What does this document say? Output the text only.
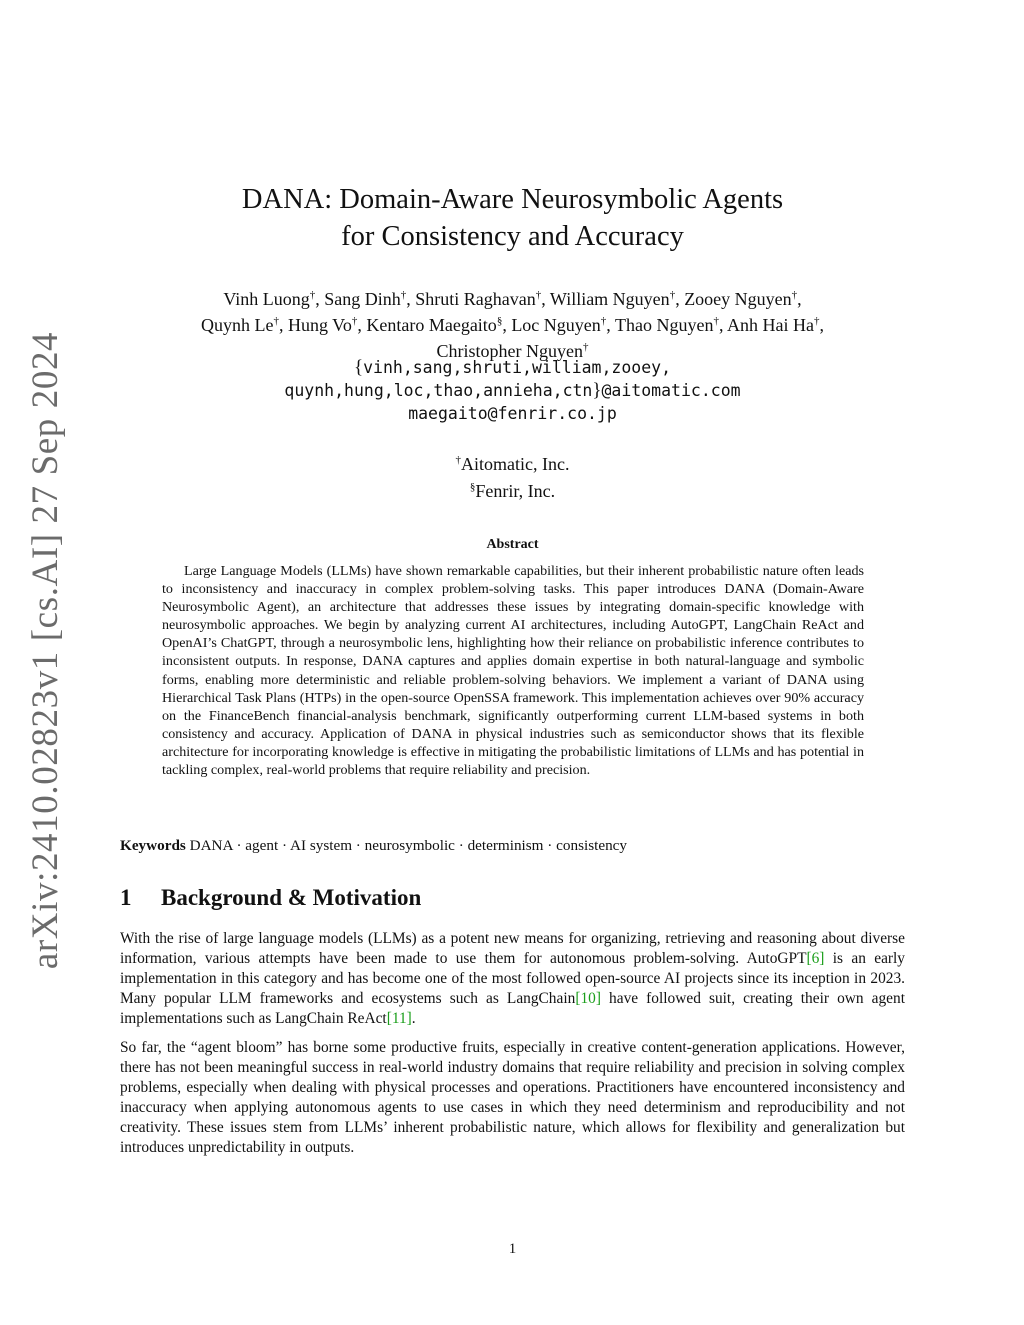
arXiv:2410.02823v1 [cs.AI] 27 Sep 2024
DANA: Domain-Aware Neurosymbolic Agents
for Consistency and Accuracy
Vinh Luong†, Sang Dinh†, Shruti Raghavan†, William Nguyen†, Zooey Nguyen†,
Quynh Le†, Hung Vo†, Kentaro Maegaito§, Loc Nguyen†, Thao Nguyen†, Anh Hai Ha†,
Christopher Nguyen†
{vinh,sang,shruti,william,zooey,
quynh,hung,loc,thao,annieha,ctn}@aitomatic.com
maegaito@fenrir.co.jp
†Aitomatic, Inc.
§Fenrir, Inc.
Abstract

Large Language Models (LLMs) have shown remarkable capabilities, but their inherent probabilistic nature often leads to inconsistency and inaccuracy in complex problem-solving tasks. This paper introduces DANA (Domain-Aware Neurosymbolic Agent), an architecture that addresses these issues by integrating domain-specific knowledge with neurosymbolic approaches. We begin by analyzing current AI architectures, including AutoGPT, LangChain ReAct and OpenAI’s ChatGPT, through a neurosymbolic lens, highlighting how their reliance on probabilistic inference contributes to inconsistent outputs. In response, DANA captures and applies domain expertise in both natural-language and symbolic forms, enabling more deterministic and reliable problem-solving behaviors. We implement a variant of DANA using Hierarchical Task Plans (HTPs) in the open-source OpenSSA framework. This implementation achieves over 90% accuracy on the FinanceBench financial-analysis benchmark, significantly outperforming current LLM-based systems in both consistency and accuracy. Application of DANA in physical industries such as semiconductor shows that its flexible architecture for incorporating knowledge is effective in mitigating the probabilistic limitations of LLMs and has potential in tackling complex, real-world problems that require reliability and precision.

Keywords DANA · agent · AI system · neurosymbolic · determinism · consistency
1 Background & Motivation

With the rise of large language models (LLMs) as a potent new means for organizing, retrieving and reasoning about diverse information, various attempts have been made to use them for autonomous problem-solving. AutoGPT[6] is an early implementation in this category and has become one of the most followed open-source AI projects since its inception in 2023. Many popular LLM frameworks and ecosystems such as LangChain[10] have followed suit, creating their own agent implementations such as LangChain ReAct[11].

So far, the “agent bloom” has borne some productive fruits, especially in creative content-generation applications. However, there has not been meaningful success in real-world industry domains that require reliability and precision in solving complex problems, especially when dealing with physical processes and operations. Practitioners have encountered inconsistency and inaccuracy when applying autonomous agents to use cases in which they need determinism and reproducibility and not creativity. These issues stem from LLMs’ inherent probabilistic nature, which allows for flexibility and generalization but introduces unpredictability in outputs.

1
